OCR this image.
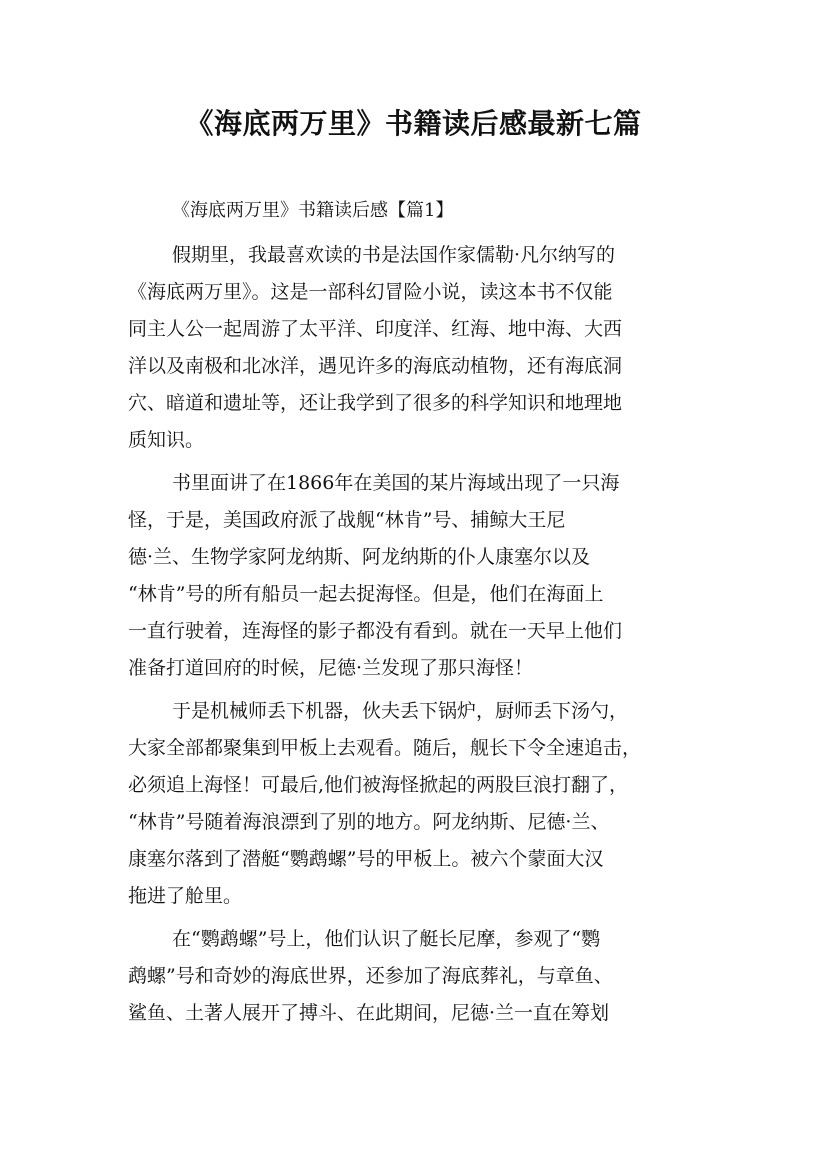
《海底两万里》书籍读后感最新七篇
《海底两万里》书籍读后感【篇1】
假期里，我最喜欢读的书是法国作家儒勒·凡尔纳写的
《海底两万里》。这是一部科幻冒险小说，读这本书不仅能
同主人公一起周游了太平洋、印度洋、红海、地中海、大西
洋以及南极和北冰洋，遇见许多的海底动植物，还有海底洞
穴、暗道和遗址等，还让我学到了很多的科学知识和地理地
质知识。
书里面讲了在1866年在美国的某片海域出现了一只海
怪，于是，美国政府派了战舰“林肯”号、捕鲸大王尼
德·兰、生物学家阿龙纳斯、阿龙纳斯的仆人康塞尔以及
“林肯”号的所有船员一起去捉海怪。但是，他们在海面上
一直行驶着，连海怪的影子都没有看到。就在一天早上他们
准备打道回府的时候，尼德·兰发现了那只海怪！
于是机械师丢下机器，伙夫丢下锅炉，厨师丢下汤勺，
大家全部都聚集到甲板上去观看。随后，舰长下令全速追击，
必须追上海怪！可最后,他们被海怪掀起的两股巨浪打翻了，
“林肯”号随着海浪漂到了别的地方。阿龙纳斯、尼德·兰、
康塞尔落到了潜艇“鹦鹉螺”号的甲板上。被六个蒙面大汉
拖进了舱里。
在“鹦鹉螺”号上，他们认识了艇长尼摩，参观了“鹦
鹉螺”号和奇妙的海底世界，还参加了海底葬礼，与章鱼、
鲨鱼、土著人展开了搏斗、在此期间，尼德·兰一直在筹划
